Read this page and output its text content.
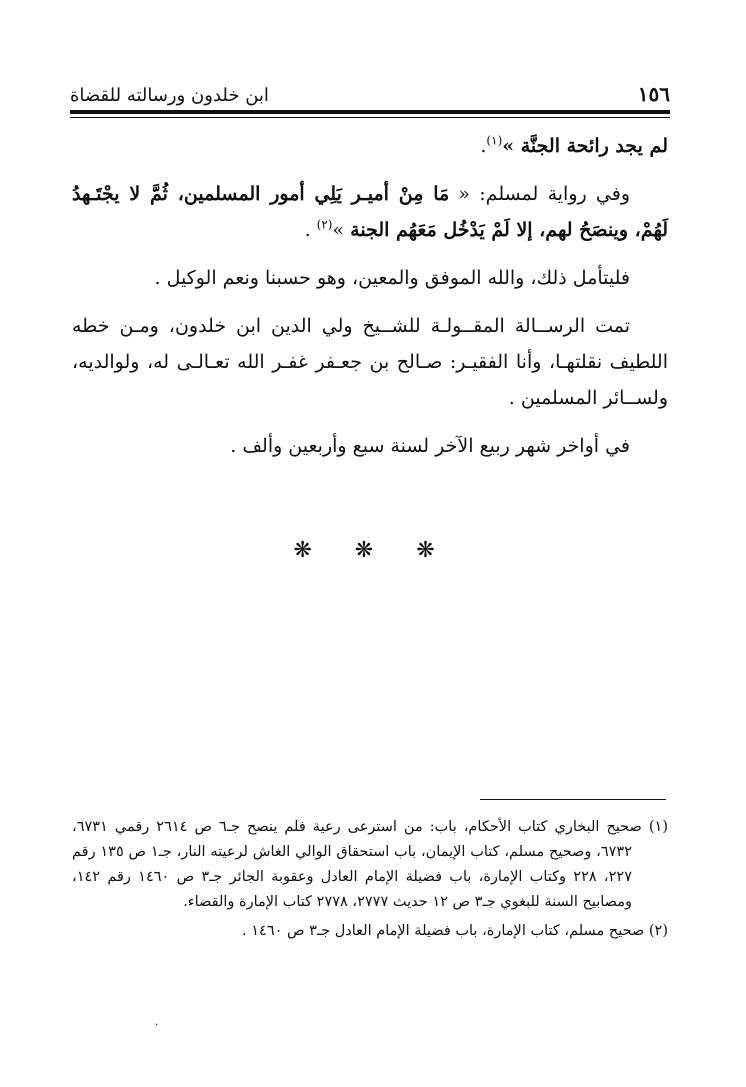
ابن خلدون ورسالته للقضاة	١٥٦

لم يجد رائحة الجنَّة »$^{(١)}$.

وفي رواية لمسلم: « مَا مِنْ أميـر يَلِي أمور المسلمين، ثُمَّ لا يجْتَـهدُ لَهُمْ، وينصَحُ لهم، إلا لَمْ يَدْخُل مَعَهُم الجنة »$^{(٢)}$ .

فليتأمل ذلك، والله الموفق والمعين، وهو حسبنا ونعم الوكيل .

تمت الرســالة المقــولـة للشــيخ ولي الدين ابن خلدون، ومـن خطه اللطيف نقلتهـا، وأنا الفقيـر: صـالح بن جعـفر غفـر الله تعـالـى له، ولوالديه، ولســائر المسلمين .

في أواخر شهر ربيع الآخر لسنة سبع وأربعين وألف .

❋ ❋ ❋

(١) صحيح البخاري كتاب الأحكام، باب: من استرعى رعية فلم ينصح جـ٦ ص ٢٦١٤ رقمي ٦٧٣١، ٦٧٣٢، وصحيح مسلم، كتاب الإيمان، باب استحقاق الوالي الغاش لرعيته النار، جـ١ ص ١٣٥ رقم ٢٢٧، ٢٢٨ وكتاب الإمارة، باب فضيلة الإمام العادل وعقوبة الجائر جـ٣ ص ١٤٦٠ رقم ١٤٢، ومصابيح السنة للبغوي جـ٣ ص ١٢ حديث ٢٧٧٧، ٢٧٧٨ كتاب الإمارة والقضاء.

(٢) صحيح مسلم، كتاب الإمارة، باب فضيلة الإمام العادل جـ٣ ص ١٤٦٠ .

·
